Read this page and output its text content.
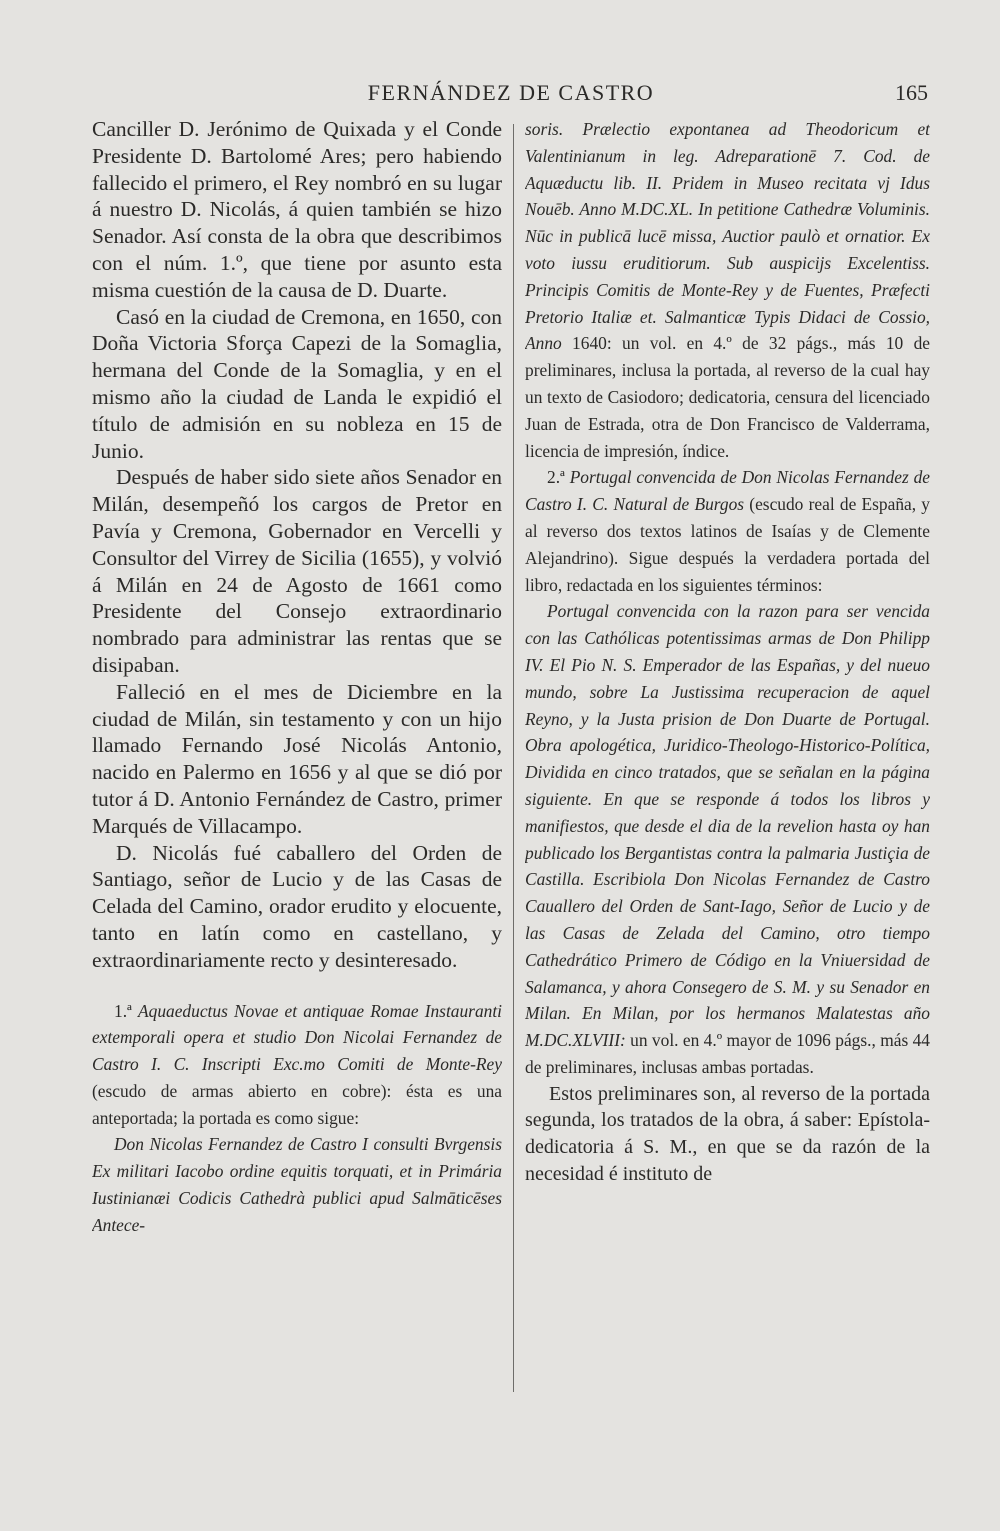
FERNÁNDEZ DE CASTRO	165

Canciller D. Jerónimo de Quixada y el Conde Presidente D. Bartolomé Ares; pero habiendo fallecido el primero, el Rey nombró en su lugar á nuestro D. Nicolás, á quien también se hizo Senador. Así consta de la obra que describimos con el núm. 1.º, que tiene por asunto esta misma cuestión de la causa de D. Duarte.

Casó en la ciudad de Cremona, en 1650, con Doña Victoria Sforça Capezi de la Somaglia, hermana del Conde de la Somaglia, y en el mismo año la ciudad de Landa le expidió el título de admisión en su nobleza en 15 de Junio.

Después de haber sido siete años Senador en Milán, desempeñó los cargos de Pretor en Pavía y Cremona, Gobernador en Vercelli y Consultor del Virrey de Sicilia (1655), y volvió á Milán en 24 de Agosto de 1661 como Presidente del Consejo extraordinario nombrado para administrar las rentas que se disipaban.

Falleció en el mes de Diciembre en la ciudad de Milán, sin testamento y con un hijo llamado Fernando José Nicolás Antonio, nacido en Palermo en 1656 y al que se dió por tutor á D. Antonio Fernández de Castro, primer Marqués de Villacampo.

D. Nicolás fué caballero del Orden de Santiago, señor de Lucio y de las Casas de Celada del Camino, orador erudito y elocuente, tanto en latín como en castellano, y extraordinariamente recto y desinteresado.

1.ª Aquaeductus Novae et antiquae Romae Instauranti extemporali opera et studio Don Nicolai Fernandez de Castro I. C. Inscripti Exc.mo Comiti de Monte-Rey (escudo de armas abierto en cobre): ésta es una anteportada; la portada es como sigue:

Don Nicolas Fernandez de Castro I consulti Bvrgensis Ex militari Iacobo ordine equitis torquati, et in Primária Iustinianæi Codicis Cathedrà publici apud Salmāticēses Antece-

soris. Prælectio expontanea ad Theodoricum et Valentinianum in leg. Adreparationē 7. Cod. de Aquæductu lib. II. Pridem in Museo recitata vj Idus Nouēb. Anno M.DC.XL. In petitione Cathedræ Voluminis. Nūc in publicā lucē missa, Auctior paulò et ornatior. Ex voto iussu eruditiorum. Sub auspicijs Excelentiss. Principis Comitis de Monte-Rey y de Fuentes, Præfecti Pretorio Italiæ et. Salmanticæ Typis Didaci de Cossio, Anno 1640: un vol. en 4.º de 32 págs., más 10 de preliminares, inclusa la portada, al reverso de la cual hay un texto de Casiodoro; dedicatoria, censura del licenciado Juan de Estrada, otra de Don Francisco de Valderrama, licencia de impresión, índice.

2.ª Portugal convencida de Don Nicolas Fernandez de Castro I. C. Natural de Burgos (escudo real de España, y al reverso dos textos latinos de Isaías y de Clemente Alejandrino). Sigue después la verdadera portada del libro, redactada en los siguientes términos:

Portugal convencida con la razon para ser vencida con las Cathólicas potentissimas armas de Don Philipp IV. El Pio N. S. Emperador de las Españas, y del nueuo mundo, sobre La Justissima recuperacion de aquel Reyno, y la Justa prision de Don Duarte de Portugal. Obra apologética, Juridico-Theologo-Historico-Política, Dividida en cinco tratados, que se señalan en la página siguiente. En que se responde á todos los libros y manifiestos, que desde el dia de la revelion hasta oy han publicado los Bergantistas contra la palmaria Justiçia de Castilla. Escribiola Don Nicolas Fernandez de Castro Cauallero del Orden de Sant-Iago, Señor de Lucio y de las Casas de Zelada del Camino, otro tiempo Cathedrático Primero de Código en la Vniuersidad de Salamanca, y ahora Consegero de S. M. y su Senador en Milan. En Milan, por los hermanos Malatestas año M.DC.XLVIII: un vol. en 4.º mayor de 1096 págs., más 44 de preliminares, inclusas ambas portadas.

Estos preliminares son, al reverso de la portada segunda, los tratados de la obra, á saber: Epístola-dedicatoria á S. M., en que se da razón de la necesidad é instituto de
